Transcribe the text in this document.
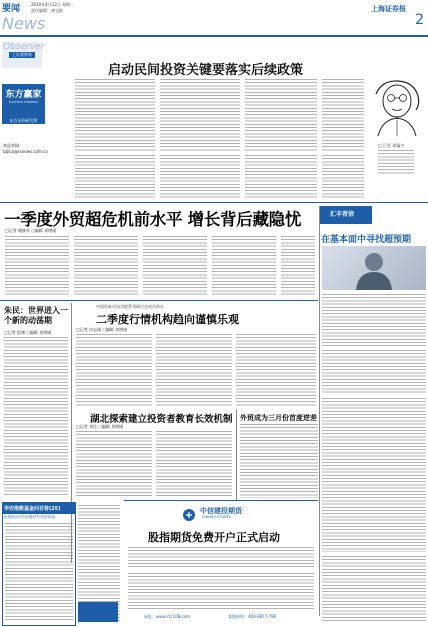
要闻	2010年4月12日 星期一
责任编辑：唐文彬
News
上海证券报
2
Observer
上证观察家
东方赢家
EASTERN WINNERS
东方证券研究所
欢迎来稿：
tajicz@ssnews.com.cn
启动民间投资关键要落实后续政策
□ 江苏 胡福兴
一季度外贸超危机前水平 增长背后藏隐忧
□记者 谢筱奇 ○编辑 刘增刚
汇丰晋信
在基本面中寻找超预期
朱民：世界进入一个新的动荡期
□记者 彭博 ○编辑 刘增刚
中国资本市场学院系列研讨会成功举办
二季度行情机构趋向谨慎乐观
□记者 何志刚 ○编辑 刘增刚
湖北探索建立投资者教育长效机制
□记者 刘佳 ○编辑 刘增刚
外贸成为三月份首度逆差
华安指数基金问百答(25)
恒指国企ETF(H股ETF)投资指南
中信建投期货
CHINA FUTURES
股指期货免费开户正式启动
网址：www.cfc108.com	客服热线：400-8877-780
